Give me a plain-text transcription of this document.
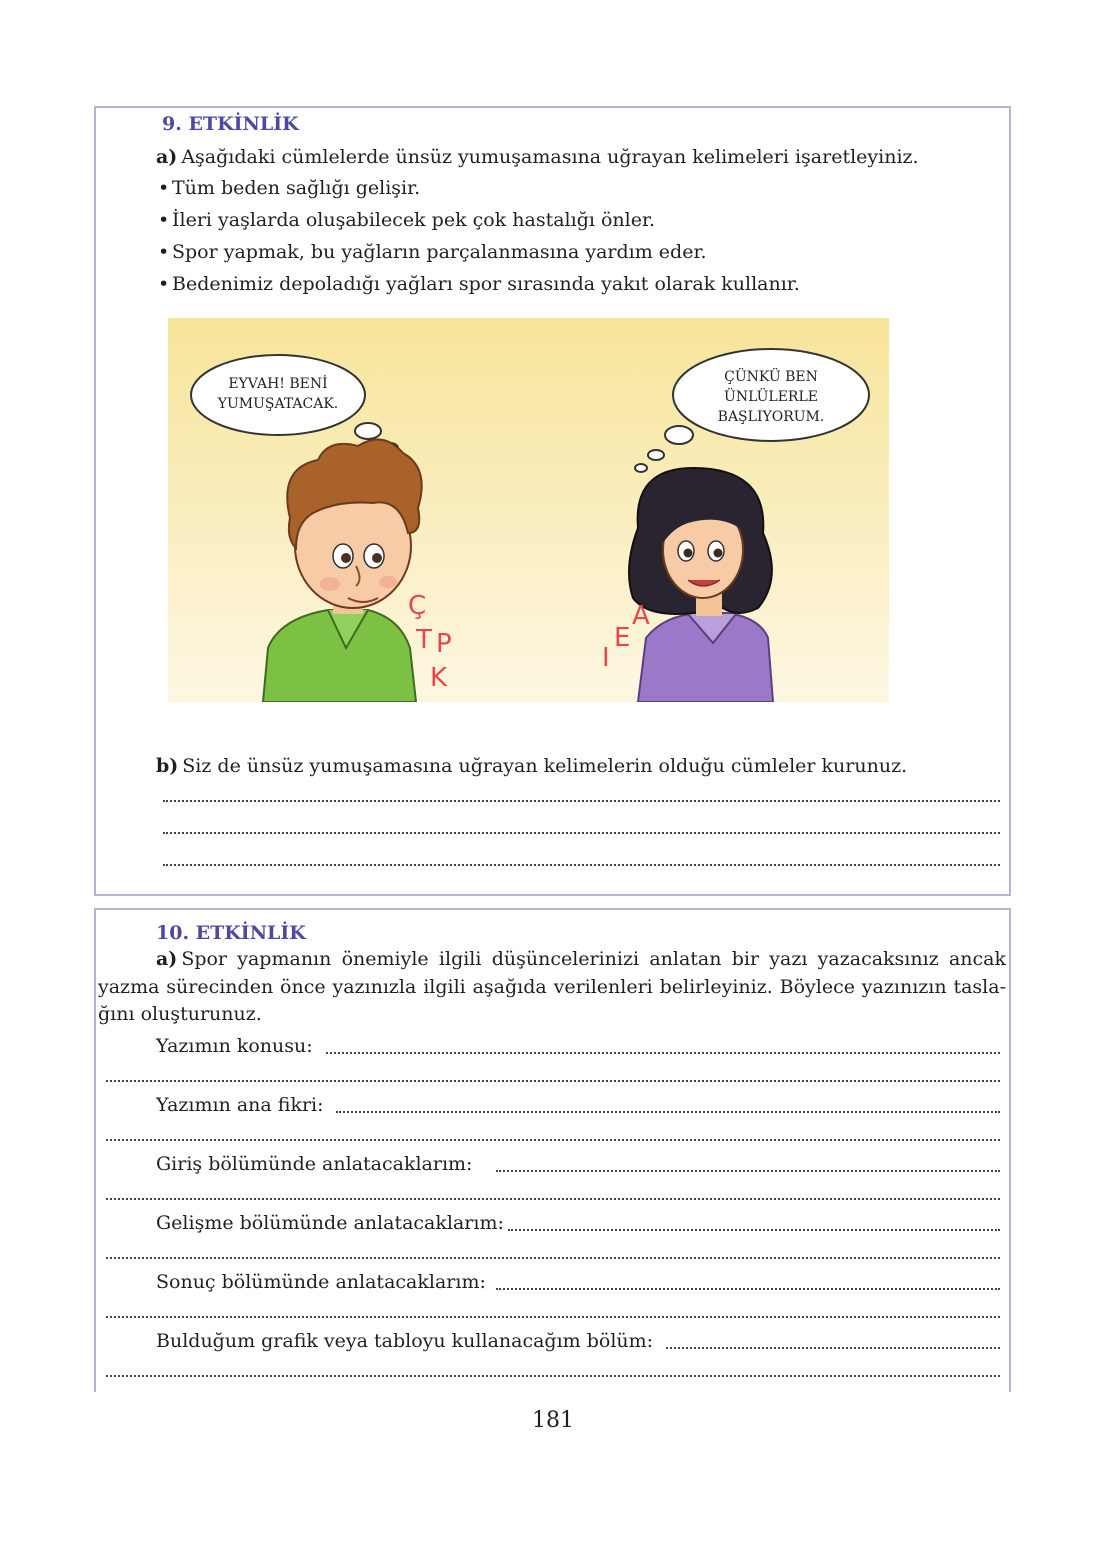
9. ETKİNLİK
a) Aşağıdaki cümlelerde ünsüz yumuşamasına uğrayan kelimeleri işaretleyiniz.
• Tüm beden sağlığı gelişir.
• İleri yaşlarda oluşabilecek pek çok hastalığı önler.
• Spor yapmak, bu yağların parçalanmasına yardım eder.
• Bedenimiz depoladığı yağları spor sırasında yakıt olarak kullanır.
EYVAH! BENİ
YUMUŞATACAK.
ÇÜNKÜ BEN
ÜNLÜLERLE
BAŞLIYORUM.
Ç
T P
K
A
E
I
b) Siz de ünsüz yumuşamasına uğrayan kelimelerin olduğu cümleler kurunuz.
10. ETKİNLİK
a) Spor yapmanın önemiyle ilgili düşüncelerinizi anlatan bir yazı yazacaksınız ancak
yazma sürecinden önce yazınızla ilgili aşağıda verilenleri belirleyiniz. Böylece yazınızın tasla-
ğını oluşturunuz.
Yazımın konusu:
Yazımın ana fikri:
Giriş bölümünde anlatacaklarım:
Gelişme bölümünde anlatacaklarım:
Sonuç bölümünde anlatacaklarım:
Bulduğum grafik veya tabloyu kullanacağım bölüm:
181
